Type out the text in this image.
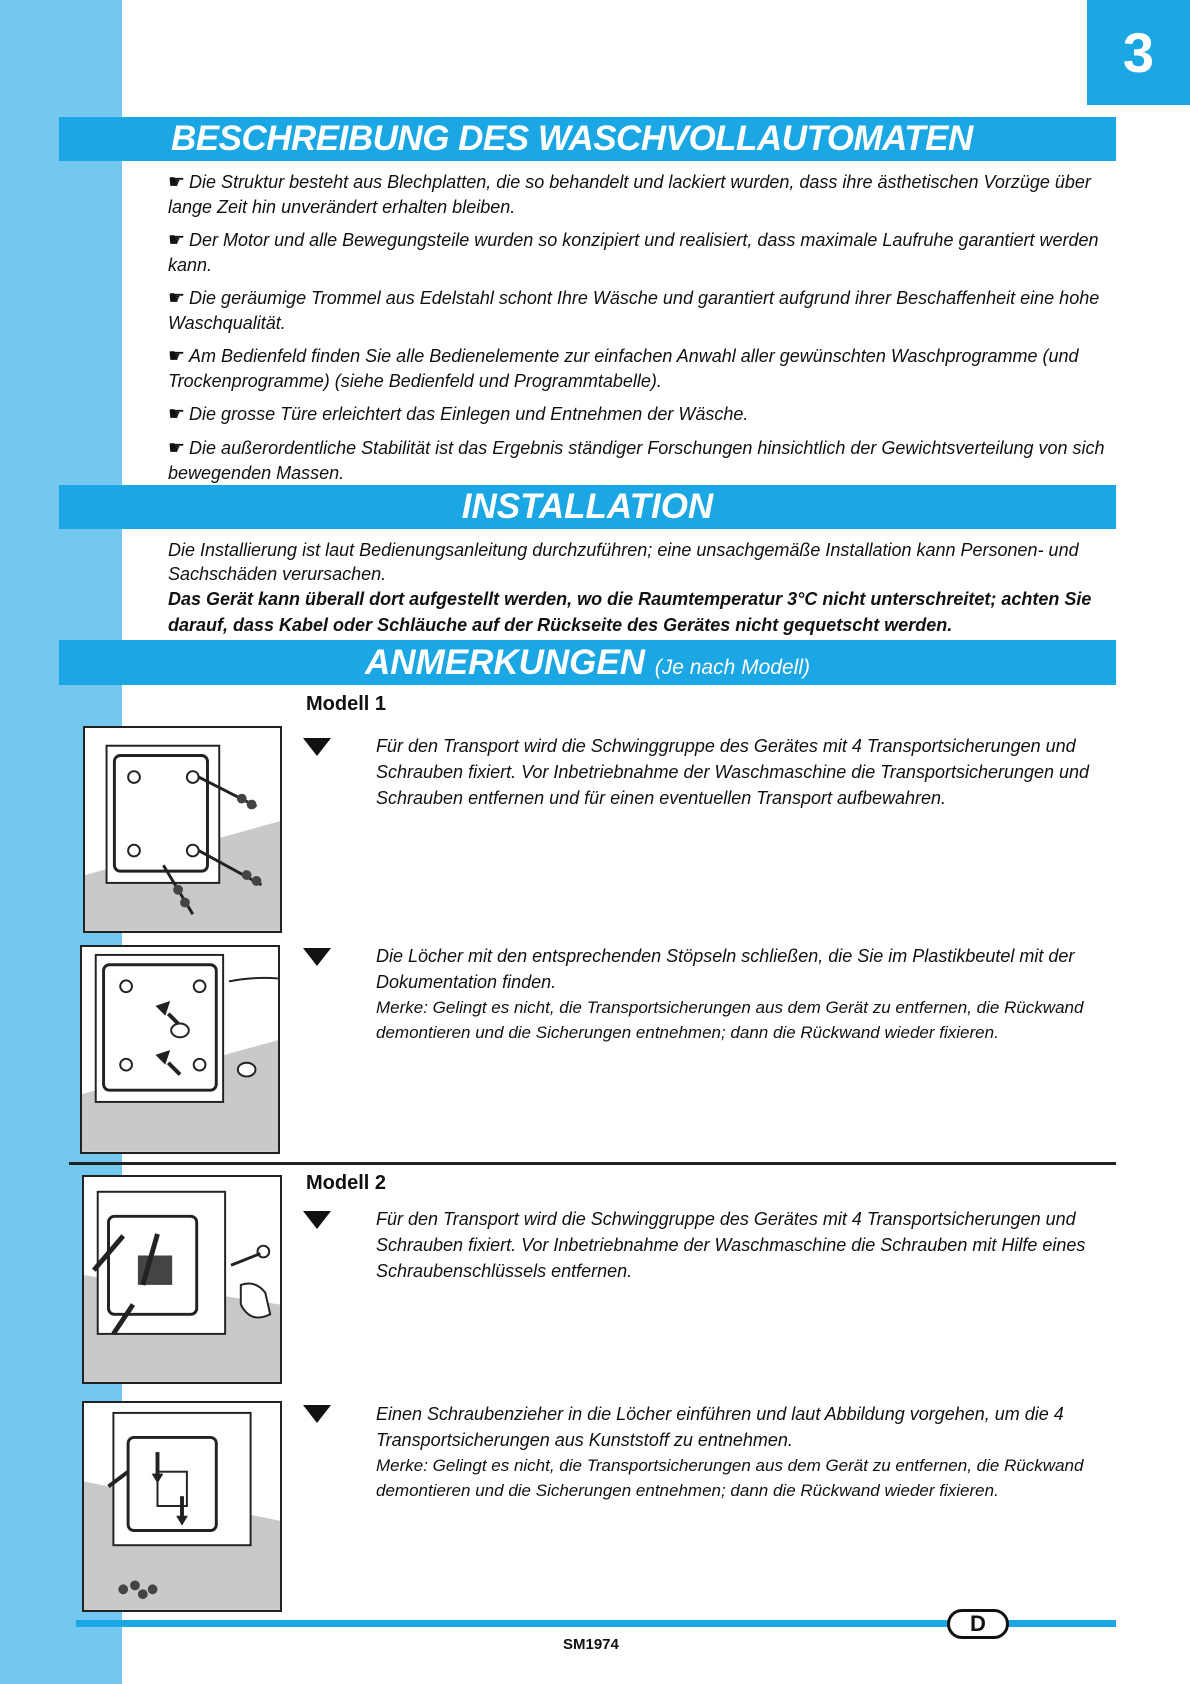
3
BESCHREIBUNG DES WASCHVOLLAUTOMATEN

☛ Die Struktur besteht aus Blechplatten, die so behandelt und lackiert wurden, dass ihre ästhetischen Vorzüge über lange Zeit hin unverändert erhalten bleiben.

☛ Der Motor und alle Bewegungsteile wurden so konzipiert und realisiert, dass maximale Laufruhe garantiert werden kann.

☛ Die geräumige Trommel aus Edelstahl schont Ihre Wäsche und garantiert aufgrund ihrer Beschaffenheit eine hohe Waschqualität.

☛ Am Bedienfeld finden Sie alle Bedienelemente zur einfachen Anwahl aller gewünschten Waschprogramme (und Trockenprogramme) (siehe Bedienfeld und Programmtabelle).

☛ Die grosse Türe erleichtert das Einlegen und Entnehmen der Wäsche.

☛ Die außerordentliche Stabilität ist das Ergebnis ständiger Forschungen hinsichtlich der Gewichtsverteilung von sich bewegenden Massen.

INSTALLATION

Die Installierung ist laut Bedienungsanleitung durchzuführen; eine unsachgemäße Installation kann Personen- und Sachschäden verursachen.

Das Gerät kann überall dort aufgestellt werden, wo die Raumtemperatur 3°C nicht unterschreitet; achten Sie darauf, dass Kabel oder Schläuche auf der Rückseite des Gerätes nicht gequetscht werden.

ANMERKUNGEN (Je nach Modell)
Modell 1

Für den Transport wird die Schwinggruppe des Gerätes mit 4 Transportsicherungen und Schrauben fixiert. Vor Inbetriebnahme der Waschmaschine die Transportsicherungen und Schrauben entfernen und für einen eventuellen Transport aufbewahren.

Die Löcher mit den entsprechenden Stöpseln schließen, die Sie im Plastikbeutel mit der Dokumentation finden.

Merke: Gelingt es nicht, die Transportsicherungen aus dem Gerät zu entfernen, die Rückwand demontieren und die Sicherungen entnehmen; dann die Rückwand wieder fixieren.

Modell 2

Für den Transport wird die Schwinggruppe des Gerätes mit 4 Transportsicherungen und Schrauben fixiert. Vor Inbetriebnahme der Waschmaschine die Schrauben mit Hilfe eines Schraubenschlüssels entfernen.

Einen Schraubenzieher in die Löcher einführen und laut Abbildung vorgehen, um die 4 Transportsicherungen aus Kunststoff zu entnehmen.

Merke: Gelingt es nicht, die Transportsicherungen aus dem Gerät zu entfernen, die Rückwand demontieren und die Sicherungen entnehmen; dann die Rückwand wieder fixieren.

D
SM1974
